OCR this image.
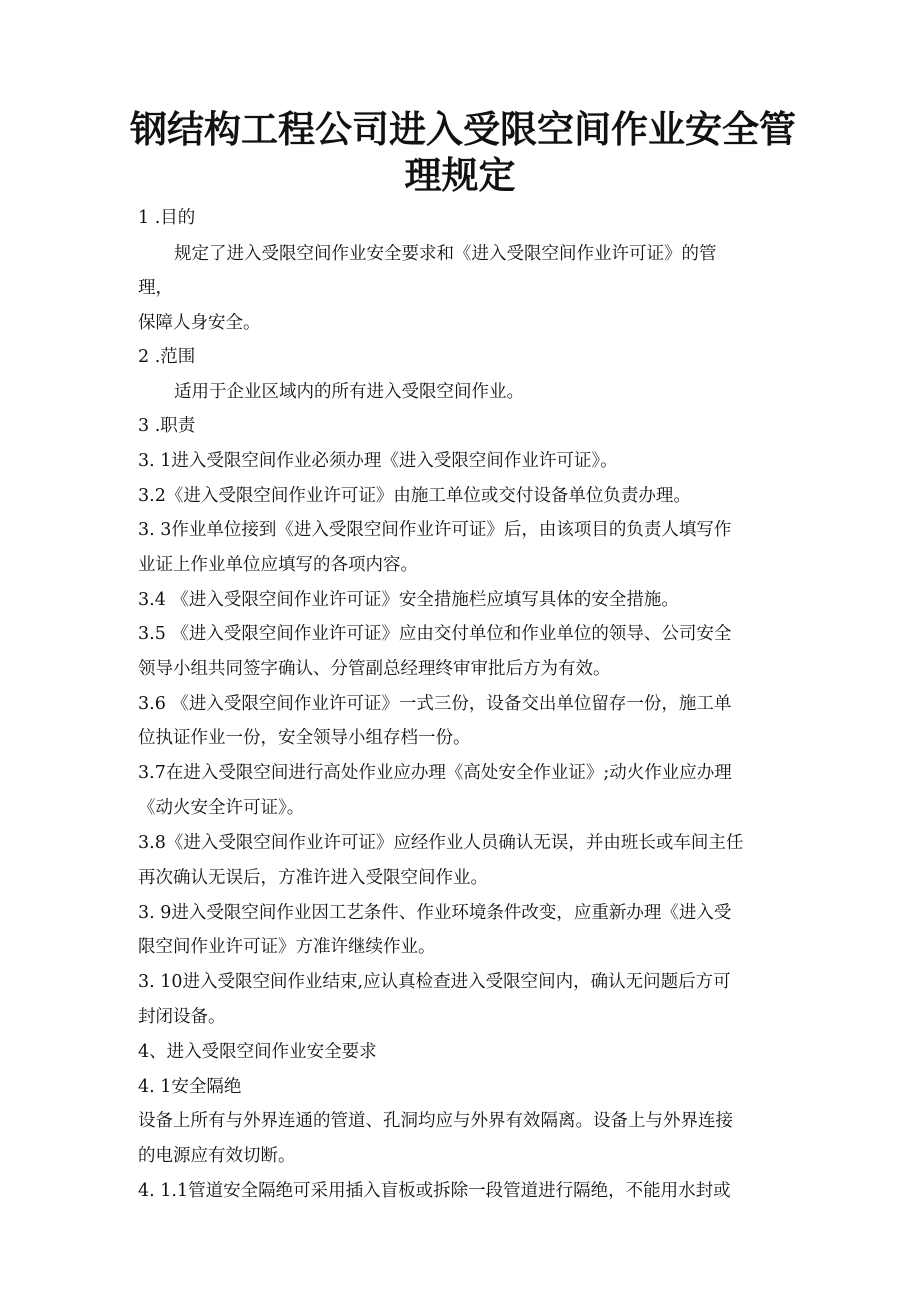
钢结构工程公司进入受限空间作业安全管
理规定
1 .目的
规定了进入受限空间作业安全要求和《进入受限空间作业许可证》的管
理，
保障人身安全。
2 .范围
适用于企业区域内的所有进入受限空间作业。
3 .职责
3. 1进入受限空间作业必须办理《进入受限空间作业许可证》。
3.2《进入受限空间作业许可证》由施工单位或交付设备单位负责办理。
3. 3作业单位接到《进入受限空间作业许可证》后，由该项目的负责人填写作
业证上作业单位应填写的各项内容。
3.4 《进入受限空间作业许可证》安全措施栏应填写具体的安全措施。
3.5 《进入受限空间作业许可证》应由交付单位和作业单位的领导、公司安全
领导小组共同签字确认、分管副总经理终审审批后方为有效。
3.6 《进入受限空间作业许可证》一式三份，设备交出单位留存一份，施工单
位执证作业一份，安全领导小组存档一份。
3.7在进入受限空间进行高处作业应办理《高处安全作业证》;动火作业应办理
《动火安全许可证》。
3.8《进入受限空间作业许可证》应经作业人员确认无误，并由班长或车间主任
再次确认无误后，方准许进入受限空间作业。
3. 9进入受限空间作业因工艺条件、作业环境条件改变，应重新办理《进入受
限空间作业许可证》方准许继续作业。
3. 10进入受限空间作业结束,应认真检查进入受限空间内，确认无问题后方可
封闭设备。
4、进入受限空间作业安全要求
4. 1安全隔绝
设备上所有与外界连通的管道、孔洞均应与外界有效隔离。设备上与外界连接
的电源应有效切断。
4. 1.1管道安全隔绝可采用插入盲板或拆除一段管道进行隔绝，不能用水封或
